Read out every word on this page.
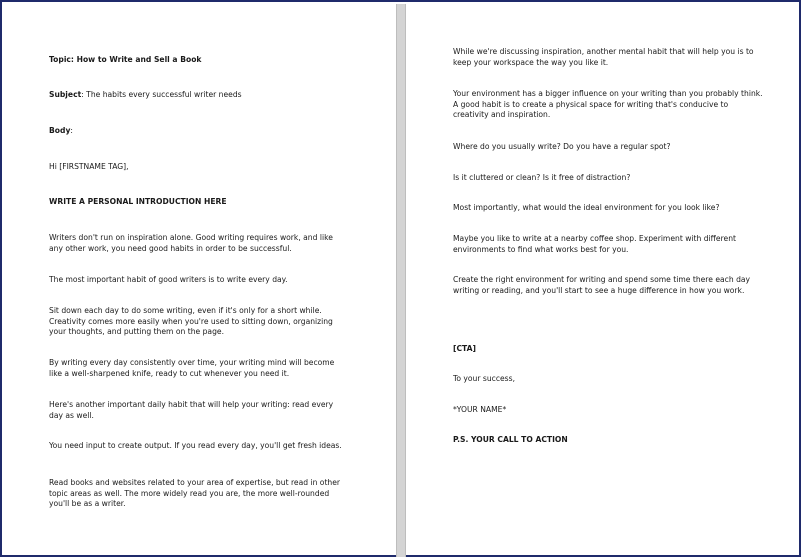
Topic: How to Write and Sell a Book

Subject: The habits every successful writer needs

Body:

Hi [FIRSTNAME TAG],

WRITE A PERSONAL INTRODUCTION HERE

Writers don't run on inspiration alone. Good writing requires work, and like any other work, you need good habits in order to be successful.

The most important habit of good writers is to write every day.

Sit down each day to do some writing, even if it's only for a short while. Creativity comes more easily when you're used to sitting down, organizing your thoughts, and putting them on the page.

By writing every day consistently over time, your writing mind will become like a well-sharpened knife, ready to cut whenever you need it.

Here's another important daily habit that will help your writing: read every day as well.

You need input to create output. If you read every day, you'll get fresh ideas.

Read books and websites related to your area of expertise, but read in other topic areas as well. The more widely read you are, the more well-rounded you'll be as a writer.

While we're discussing inspiration, another mental habit that will help you is to keep your workspace the way you like it.

Your environment has a bigger influence on your writing than you probably think. A good habit is to create a physical space for writing that's conducive to creativity and inspiration.

Where do you usually write? Do you have a regular spot?

Is it cluttered or clean? Is it free of distraction?

Most importantly, what would the ideal environment for you look like?

Maybe you like to write at a nearby coffee shop. Experiment with different environments to find what works best for you.

Create the right environment for writing and spend some time there each day writing or reading, and you'll start to see a huge difference in how you work.

[CTA]

To your success,

*YOUR NAME*

P.S. YOUR CALL TO ACTION
